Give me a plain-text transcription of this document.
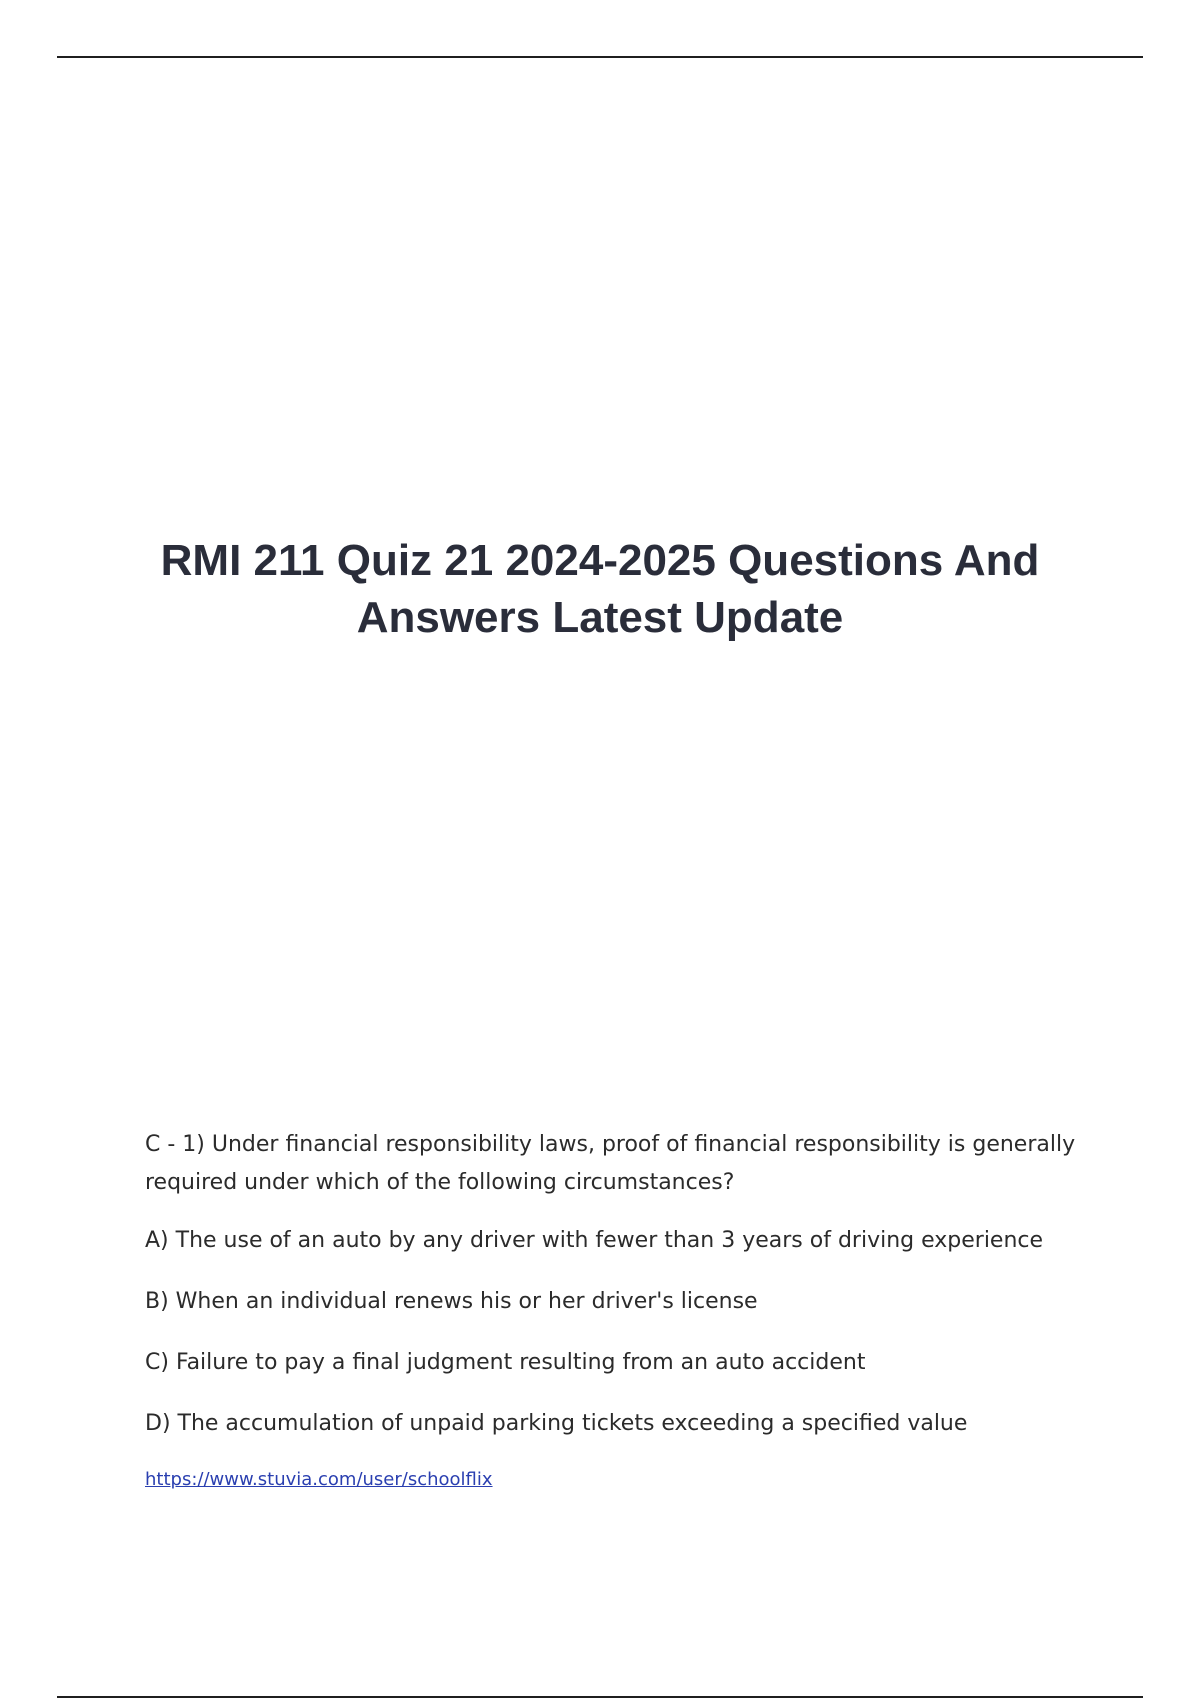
RMI 211 Quiz 21 2024-2025 Questions And Answers Latest Update

C - 1) Under financial responsibility laws, proof of financial responsibility is generally required under which of the following circumstances?

A) The use of an auto by any driver with fewer than 3 years of driving experience
B) When an individual renews his or her driver's license
C) Failure to pay a final judgment resulting from an auto accident
D) The accumulation of unpaid parking tickets exceeding a specified value
https://www.stuvia.com/user/schoolflix
